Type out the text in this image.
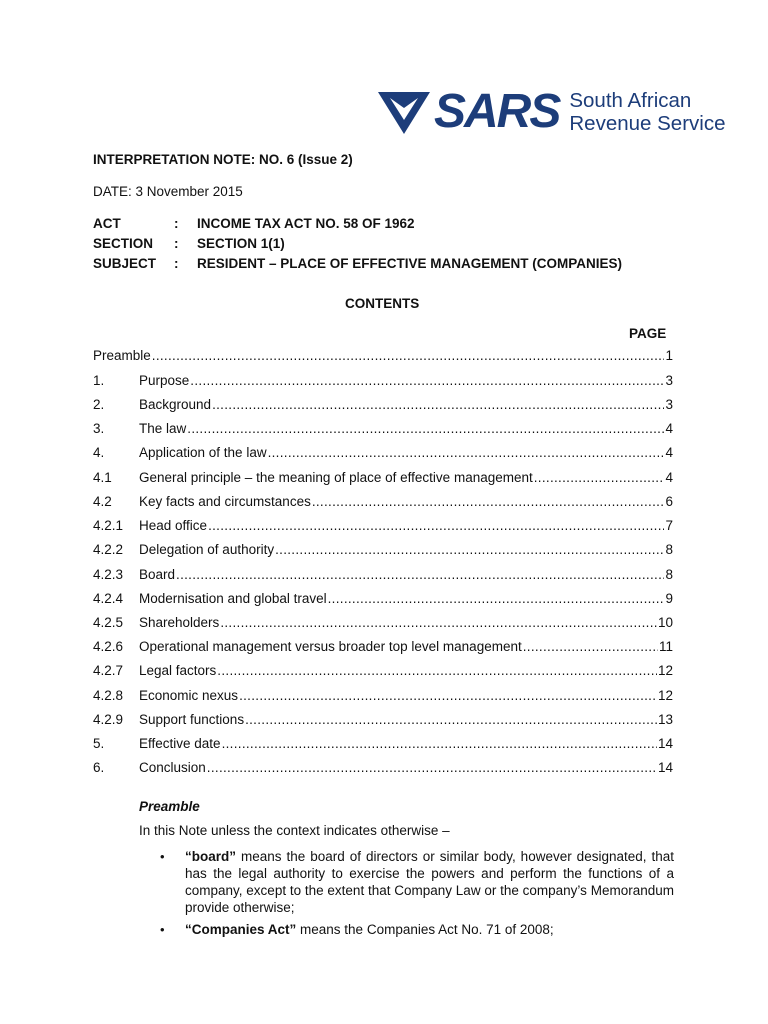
SARS South African
Revenue Service
INTERPRETATION NOTE: NO. 6 (Issue 2)
DATE: 3 November 2015
ACT	: INCOME TAX ACT NO. 58 OF 1962
SECTION : SECTION 1(1)
SUBJECT : RESIDENT – PLACE OF EFFECTIVE MANAGEMENT (COMPANIES)
CONTENTS
PAGE
Preamble .....	1
1.	Purpose .....	3
2.	Background .....	3
3.	The law .....	4
4.	Application of the law .....	4
4.1	General principle – the meaning of place of effective management .....	4
4.2	Key facts and circumstances .....	6
4.2.1	Head office .....	7
4.2.2	Delegation of authority .....	8
4.2.3	Board .....	8
4.2.4	Modernisation and global travel .....	9
4.2.5	Shareholders .....	10
4.2.6	Operational management versus broader top level management .....	11
4.2.7	Legal factors .....	12
4.2.8	Economic nexus .....	12
4.2.9	Support functions .....	13
5.	Effective date .....	14
6.	Conclusion .....	14
Preamble
In this Note unless the context indicates otherwise –
•	“board” means the board of directors or similar body, however designated, that has the legal authority to exercise the powers and perform the functions of a company, except to the extent that Company Law or the company’s Memorandum provide otherwise;
•	“Companies Act” means the Companies Act No. 71 of 2008;
